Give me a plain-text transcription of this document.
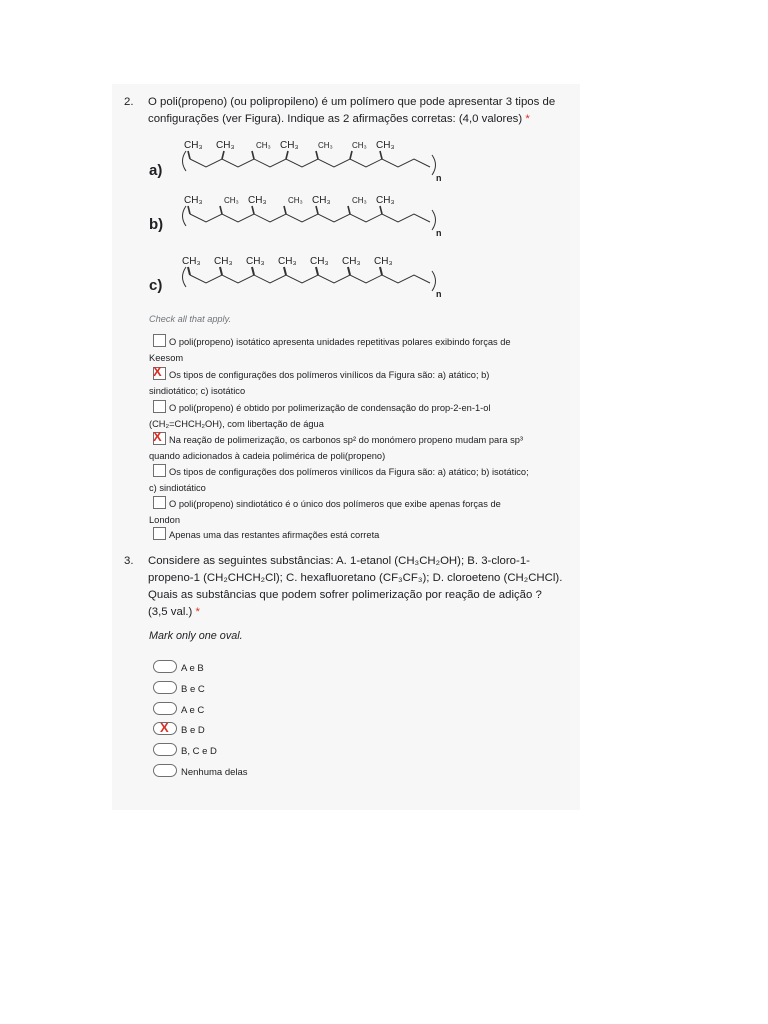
2. O poli(propeno) (ou polipropileno) é um polímero que pode apresentar 3 tipos de
configurações (ver Figura). Indique as 2 afirmações corretas: (4,0 valores) *
a)
b)
c)
n
CH₃ CH₃	CH₃ CH₃ CH₃ CH₃ CH₃
n
CH₃	CH₃ CH₃	CH₃ CH₃	CH₃ CH₃
n
CH₃ CH₃ CH₃ CH₃ CH₃ CH₃ CH₃
Check all that apply.
O poli(propeno) isotático apresenta unidades repetitivas polares exibindo forças de
Keesom
X Os tipos de configurações dos polímeros vinílicos da Figura são: a) atático; b)
sindiotático; c) isotático
O poli(propeno) é obtido por polimerização de condensação do prop-2-en-1-ol
(CH₂=CHCH₂OH), com libertação de água
X Na reação de polimerização, os carbonos sp² do monómero propeno mudam para sp³
quando adicionados à cadeia polimérica de poli(propeno)
Os tipos de configurações dos polímeros vinílicos da Figura são: a) atático; b) isotático;
c) sindiotático
O poli(propeno) sindiotático é o único dos polímeros que exibe apenas forças de
London
Apenas uma das restantes afirmações está correta
3. Considere as seguintes substâncias: A. 1-etanol (CH₃CH₂OH); B. 3-cloro-1-
propeno-1 (CH₂CHCH₂Cl); C. hexafluoretano (CF₃CF₃); D. cloroeteno (CH₂CHCl).
Quais as substâncias que podem sofrer polimerização por reação de adição ?
(3,5 val.) *
Mark only one oval.
A e B
B e C
A e C
X B e D
B, C e D
Nenhuma delas
